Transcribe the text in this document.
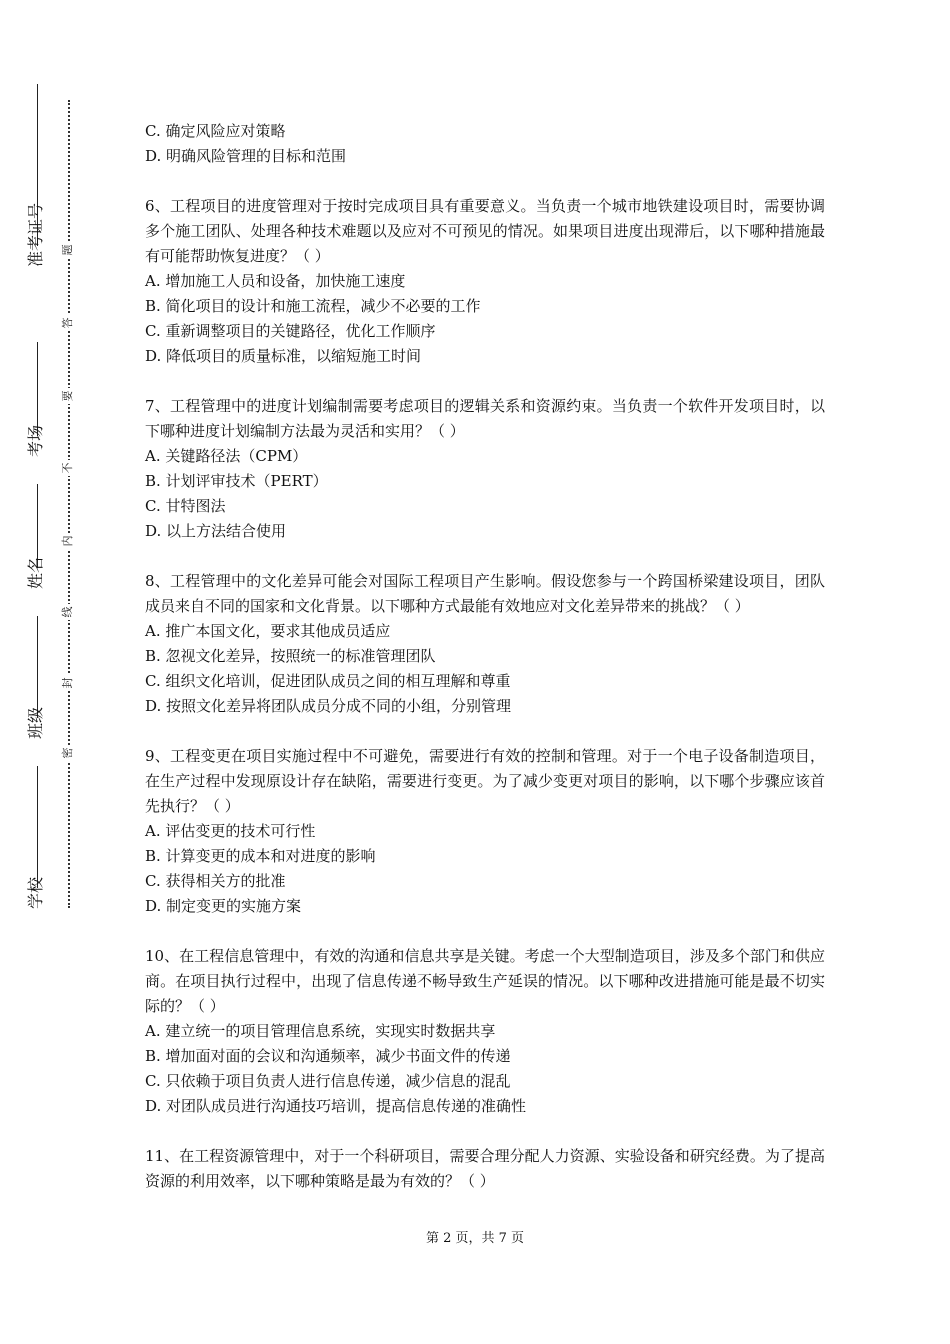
准考证号
考场
姓名
班级
学校
题
答
要
不
内
线
封
密

C. 确定风险应对策略

D. 明确风险管理的目标和范围

6、工程项目的进度管理对于按时完成项目具有重要意义。当负责一个城市地铁建设项目时，需要协调多个施工团队、处理各种技术难题以及应对不可预见的情况。如果项目进度出现滞后，以下哪种措施最有可能帮助恢复进度？（ ）

A. 增加施工人员和设备，加快施工速度

B. 简化项目的设计和施工流程，减少不必要的工作

C. 重新调整项目的关键路径，优化工作顺序

D. 降低项目的质量标准，以缩短施工时间

7、工程管理中的进度计划编制需要考虑项目的逻辑关系和资源约束。当负责一个软件开发项目时，以下哪种进度计划编制方法最为灵活和实用？（ ）

A. 关键路径法（CPM）

B. 计划评审技术（PERT）

C. 甘特图法

D. 以上方法结合使用

8、工程管理中的文化差异可能会对国际工程项目产生影响。假设您参与一个跨国桥梁建设项目，团队成员来自不同的国家和文化背景。以下哪种方式最能有效地应对文化差异带来的挑战？（ ）

A. 推广本国文化，要求其他成员适应

B. 忽视文化差异，按照统一的标准管理团队

C. 组织文化培训，促进团队成员之间的相互理解和尊重

D. 按照文化差异将团队成员分成不同的小组，分别管理

9、工程变更在项目实施过程中不可避免，需要进行有效的控制和管理。对于一个电子设备制造项目，在生产过程中发现原设计存在缺陷，需要进行变更。为了减少变更对项目的影响，以下哪个步骤应该首先执行？（ ）

A. 评估变更的技术可行性

B. 计算变更的成本和对进度的影响

C. 获得相关方的批准

D. 制定变更的实施方案

10、在工程信息管理中，有效的沟通和信息共享是关键。考虑一个大型制造项目，涉及多个部门和供应商。在项目执行过程中，出现了信息传递不畅导致生产延误的情况。以下哪种改进措施可能是最不切实际的？（ ）

A. 建立统一的项目管理信息系统，实现实时数据共享

B. 增加面对面的会议和沟通频率，减少书面文件的传递

C. 只依赖于项目负责人进行信息传递，减少信息的混乱

D. 对团队成员进行沟通技巧培训，提高信息传递的准确性

11、在工程资源管理中，对于一个科研项目，需要合理分配人力资源、实验设备和研究经费。为了提高资源的利用效率，以下哪种策略是最为有效的？（ ）

第 2 页，共 7 页
